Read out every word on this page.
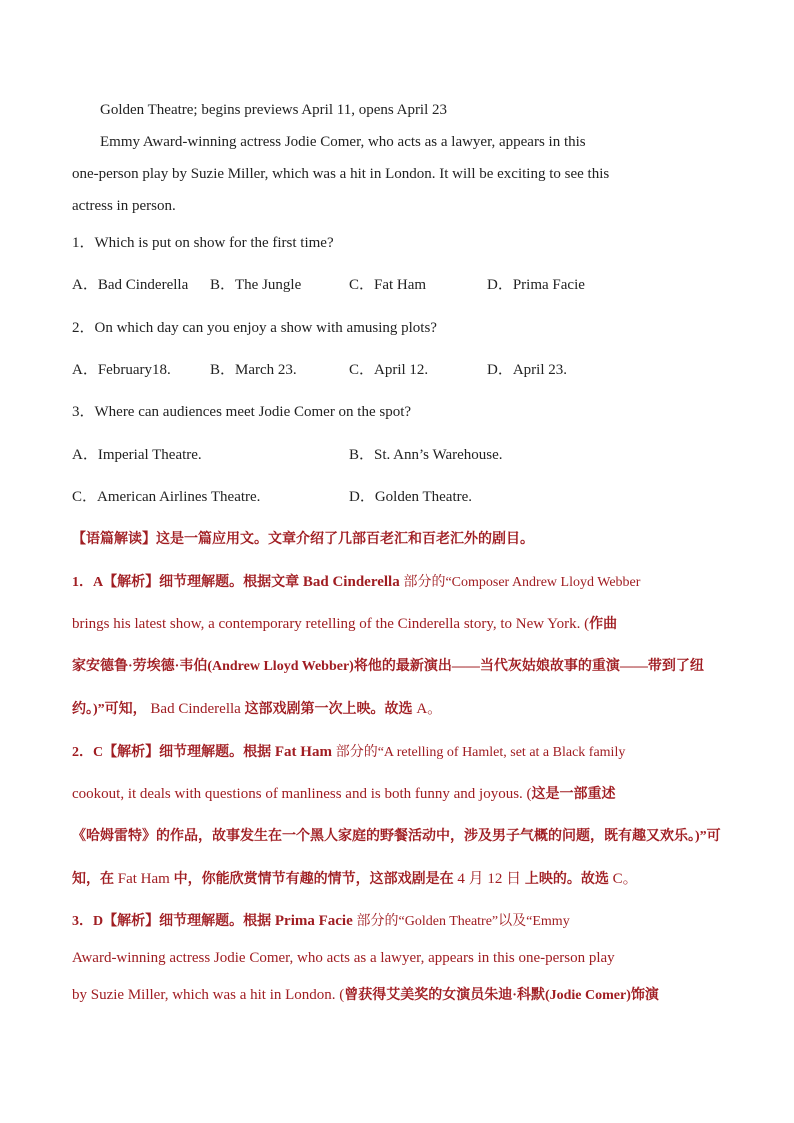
Golden Theatre; begins previews April 11, opens April 23
Emmy Award-winning actress Jodie Comer, who acts as a lawyer, appears in this
one-person play by Suzie Miller, which was a hit in London. It will be exciting to see this
actress in person.
1．Which is put on show for the first time?
A．Bad Cinderella B．The Jungle	C．Fat Ham	D．Prima Facie
2．On which day can you enjoy a show with amusing plots?
A．February18.	B．March 23.	C．April 12.	D．April 23.
3．Where can audiences meet Jodie Comer on the spot?
A．Imperial Theatre.	B．St. Ann’s Warehouse.
C．American Airlines Theatre.	D．Golden Theatre.
【语篇解读】这是一篇应用文。文章介绍了几部百老汇和百老汇外的剧目。
1．A【解析】细节理解题。根据文章 Bad Cinderella 部分的“Composer Andrew Lloyd Webber
brings his latest show, a contemporary retelling of the Cinderella story, to New York. (作曲
家安德鲁·劳埃德·韦伯(Andrew Lloyd Webber)将他的最新演出——当代灰姑娘故事的重演——带到了纽
约。)”可知， Bad Cinderella 这部戏剧第一次上映。故选 A。
2．C【解析】细节理解题。根据 Fat Ham 部分的“A retelling of Hamlet, set at a Black family
cookout, it deals with questions of manliness and is both funny and joyous. (这是一部重述
《哈姆雷特》的作品，故事发生在一个黑人家庭的野餐活动中，涉及男子气概的问题，既有趣又欢乐。)”可
知，在 Fat Ham 中，你能欣赏情节有趣的情节，这部戏剧是在 4 月 12 日 上映的。故选 C。
3．D【解析】细节理解题。根据 Prima Facie 部分的“Golden Theatre”以及“Emmy
Award-winning actress Jodie Comer, who acts as a lawyer, appears in this one-person play
by Suzie Miller, which was a hit in London. (曾获得艾美奖的女演员朱迪·科默(Jodie Comer)饰演
